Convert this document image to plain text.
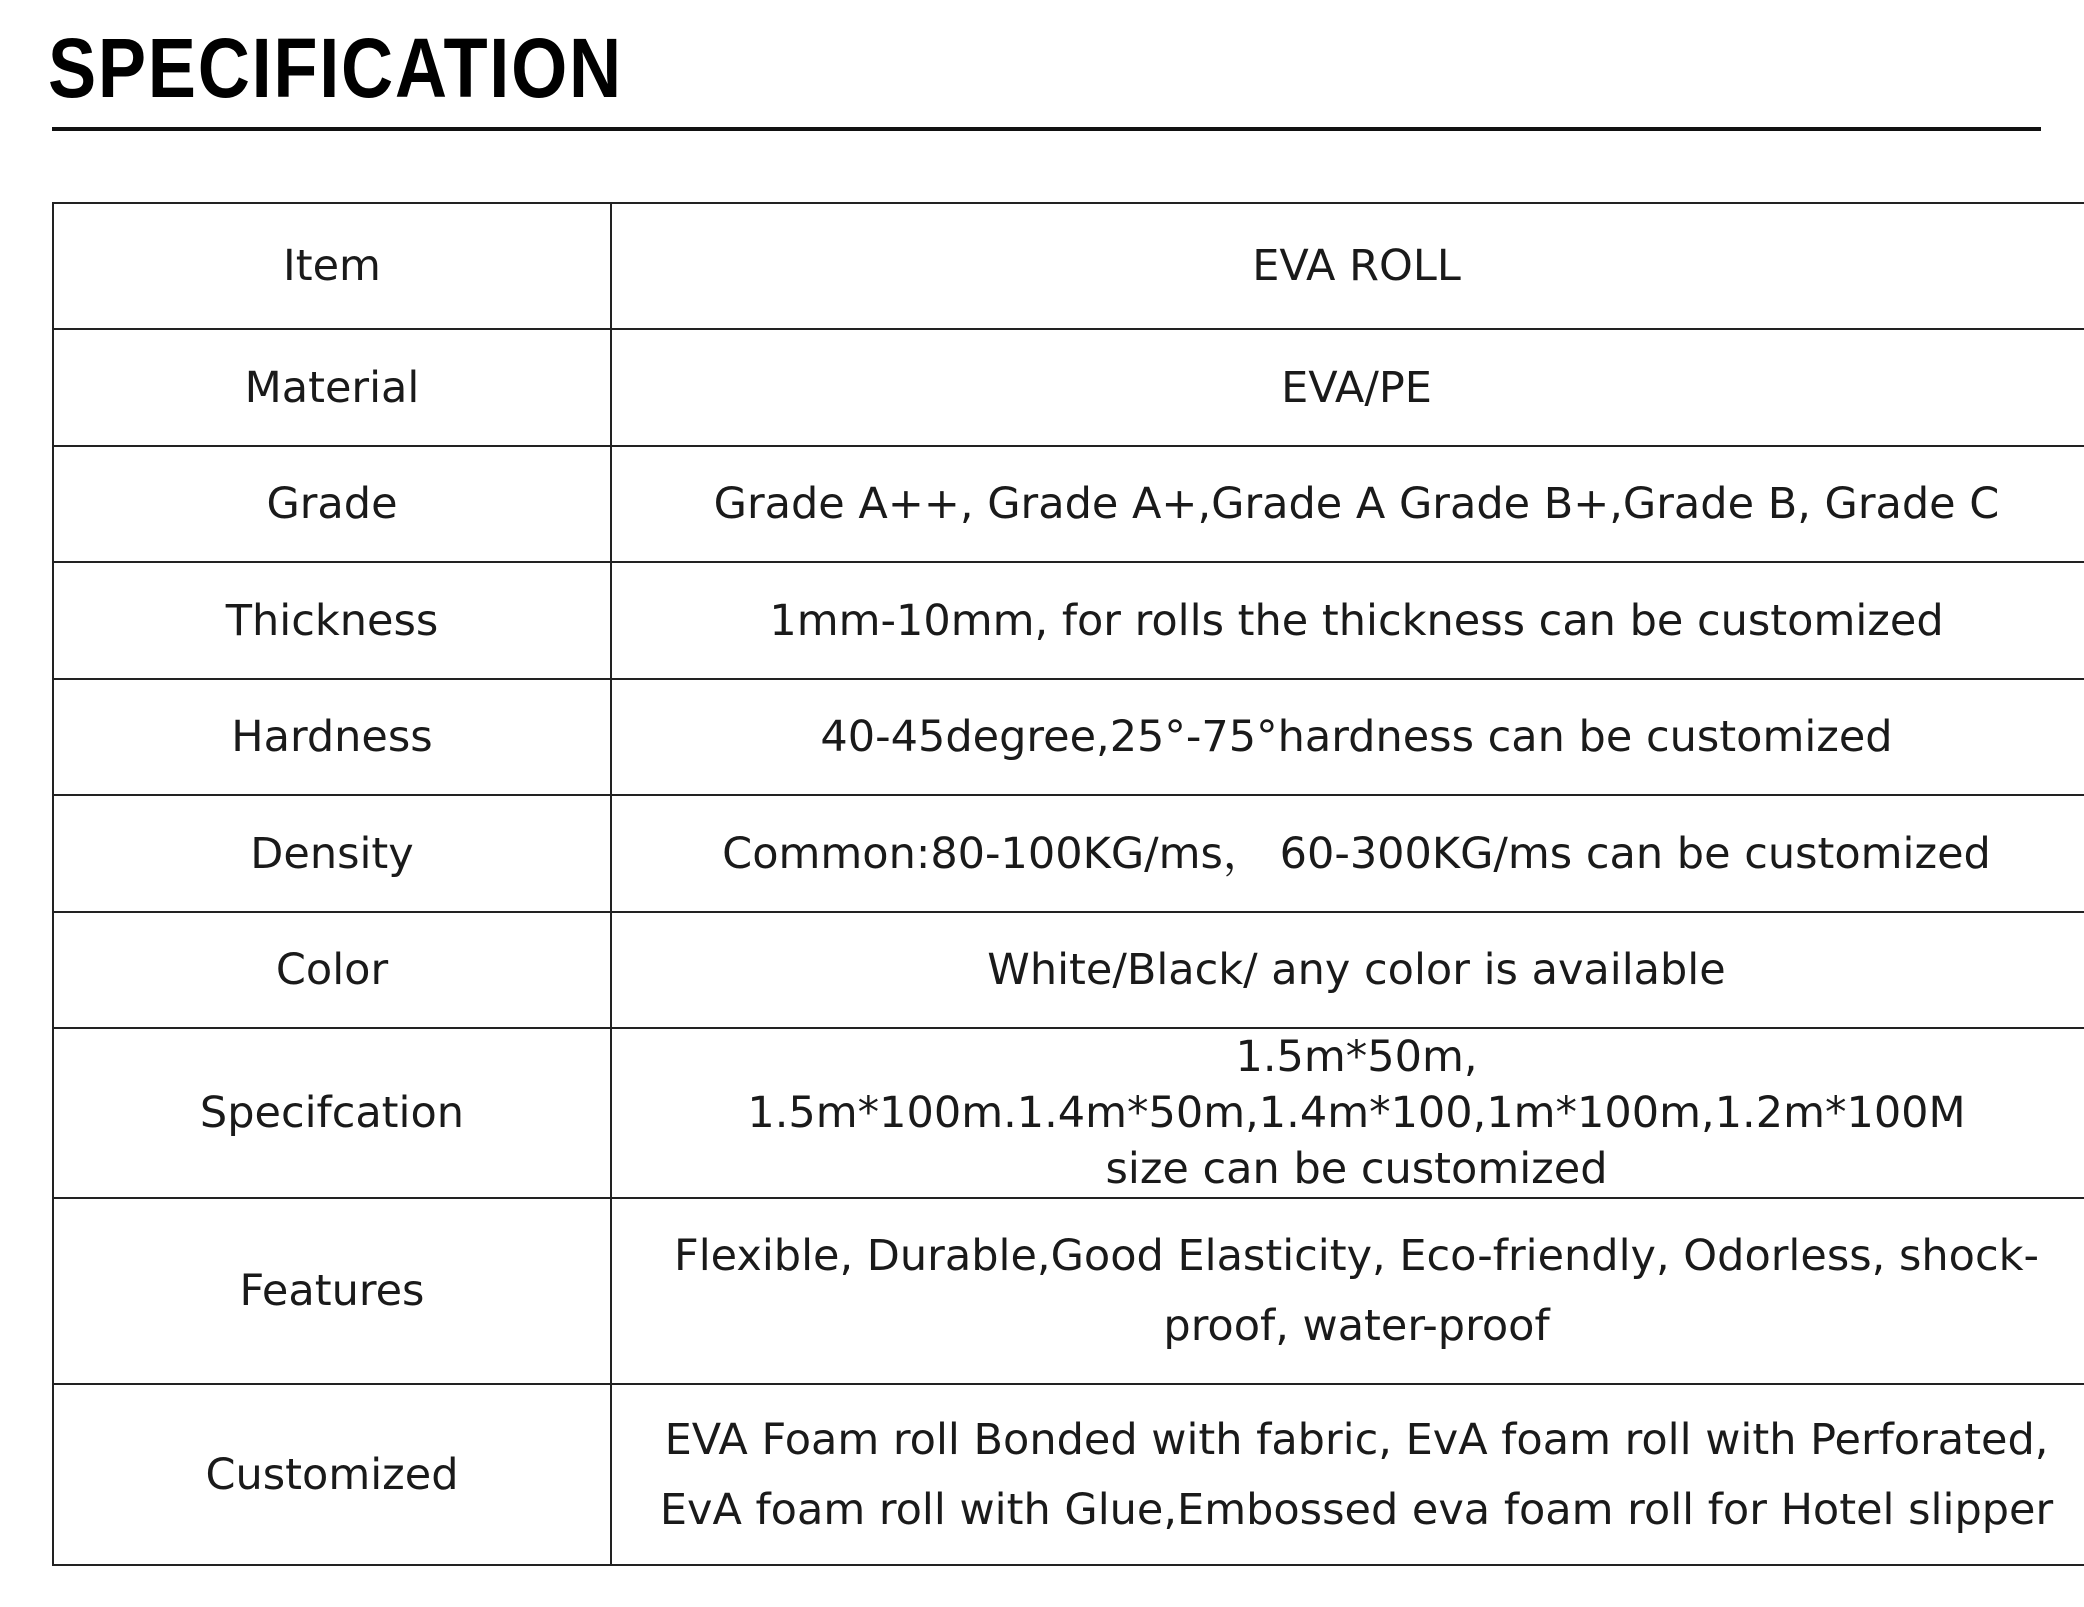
SPECIFICATION
Item	EVA ROLL

Material	EVA/PE

Grade	Grade A++, Grade A+,Grade A Grade B+,Grade B, Grade C

Thickness	1mm-10mm, for rolls the thickness can be customized

Hardness	40-45degree,25°-75°hardness can be customized

Density	Common:80-100KG/ms， 60-300KG/ms can be customized

Color	White/Black/ any color is available

Specifcation	1.5m*50m, 1.5m*100m.1.4m*50m,1.4m*100,1m*100m,1.2m*100M
size can be customized

Features	Flexible, Durable,Good Elasticity, Eco-friendly, Odorless, shock-
proof, water-proof

Customized	EVA Foam roll Bonded with fabric, EvA foam roll with Perforated,
EvA foam roll with Glue,Embossed eva foam roll for Hotel slipper
